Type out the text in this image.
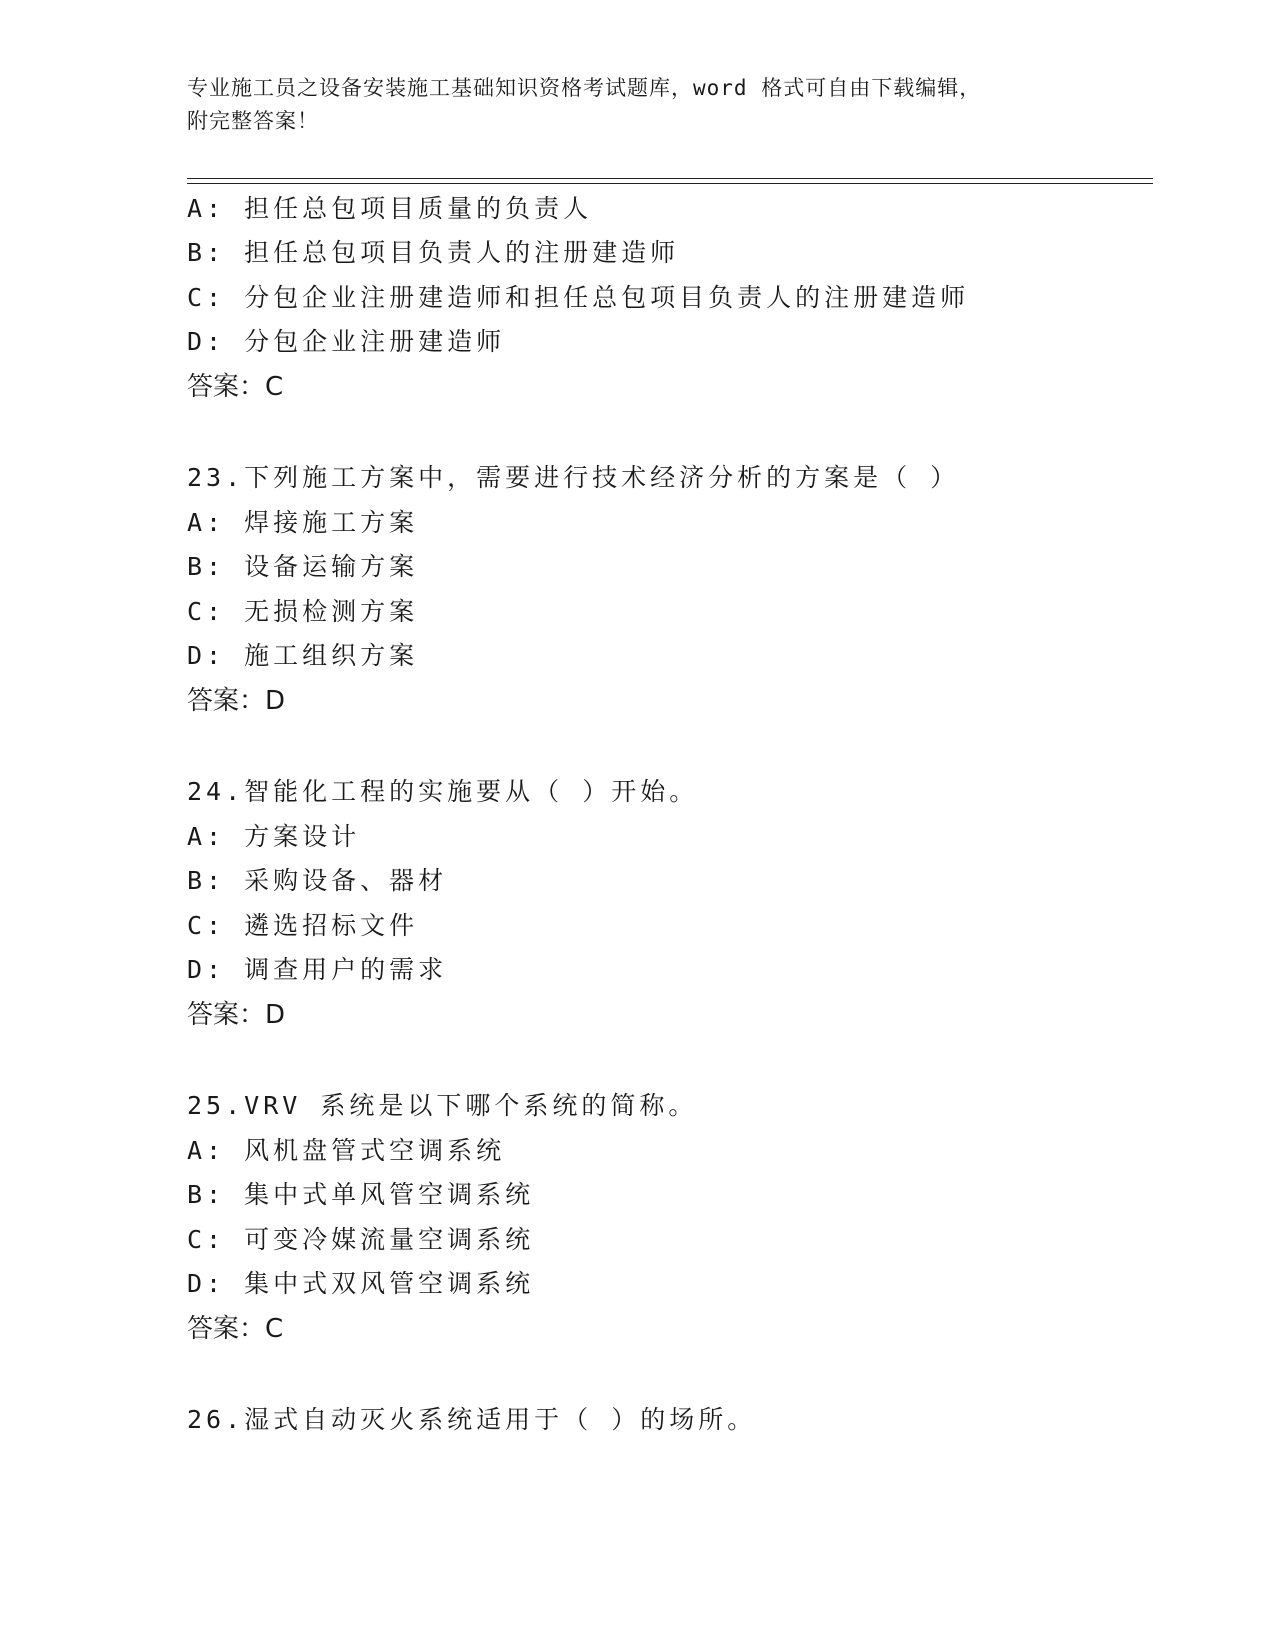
专业施工员之设备安装施工基础知识资格考试题库，word 格式可自由下载编辑，
附完整答案！
A: 担任总包项目质量的负责人
B: 担任总包项目负责人的注册建造师
C: 分包企业注册建造师和担任总包项目负责人的注册建造师
D: 分包企业注册建造师
答案：C
23.下列施工方案中，需要进行技术经济分析的方案是（ ）
A: 焊接施工方案
B: 设备运输方案
C: 无损检测方案
D: 施工组织方案
答案：D
24.智能化工程的实施要从（ ）开始。
A: 方案设计
B: 采购设备、器材
C: 遴选招标文件
D: 调查用户的需求
答案：D
25.VRV 系统是以下哪个系统的简称。
A: 风机盘管式空调系统
B: 集中式单风管空调系统
C: 可变冷媒流量空调系统
D: 集中式双风管空调系统
答案：C
26.湿式自动灭火系统适用于（ ）的场所。
